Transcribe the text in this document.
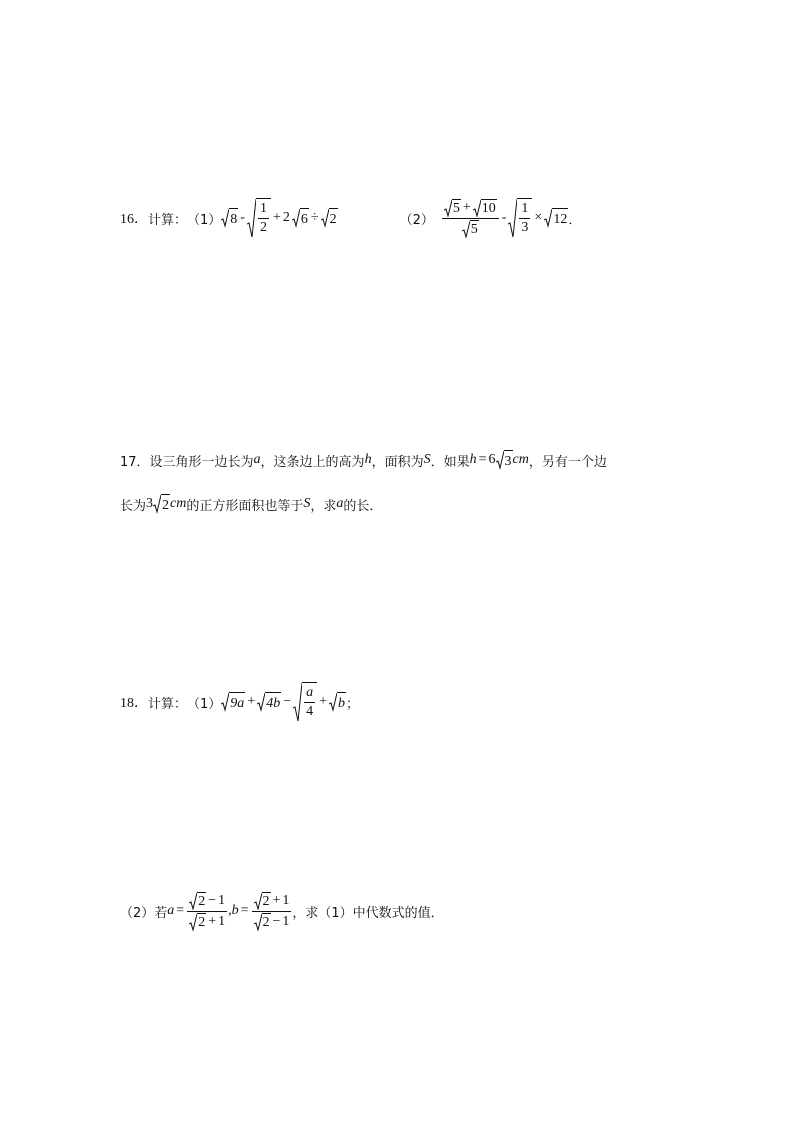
16． 计算： （1） $8 - \frac{1}{2} + 2$ 6 ÷ 2	$(2) \frac{5 + 10}{5} - \frac{1}{3} \times 12$ ．
17．设三角形一边长为 a ，这条边上的高为 h ，面积为 S ．如果 h = 6 3 cm ，另有一个边
长为 3 2 cm 的正方形面积也等于 S ，求 a 的长．
18． 计算： （1） $9a + 4b - \frac{a}{4} + b$ ；
（2）若 $a = \frac{2 - 1}{2 + 1}$ , $b = \frac{2 + 1}{2 - 1}$ ，求（1）中代数式的值．
